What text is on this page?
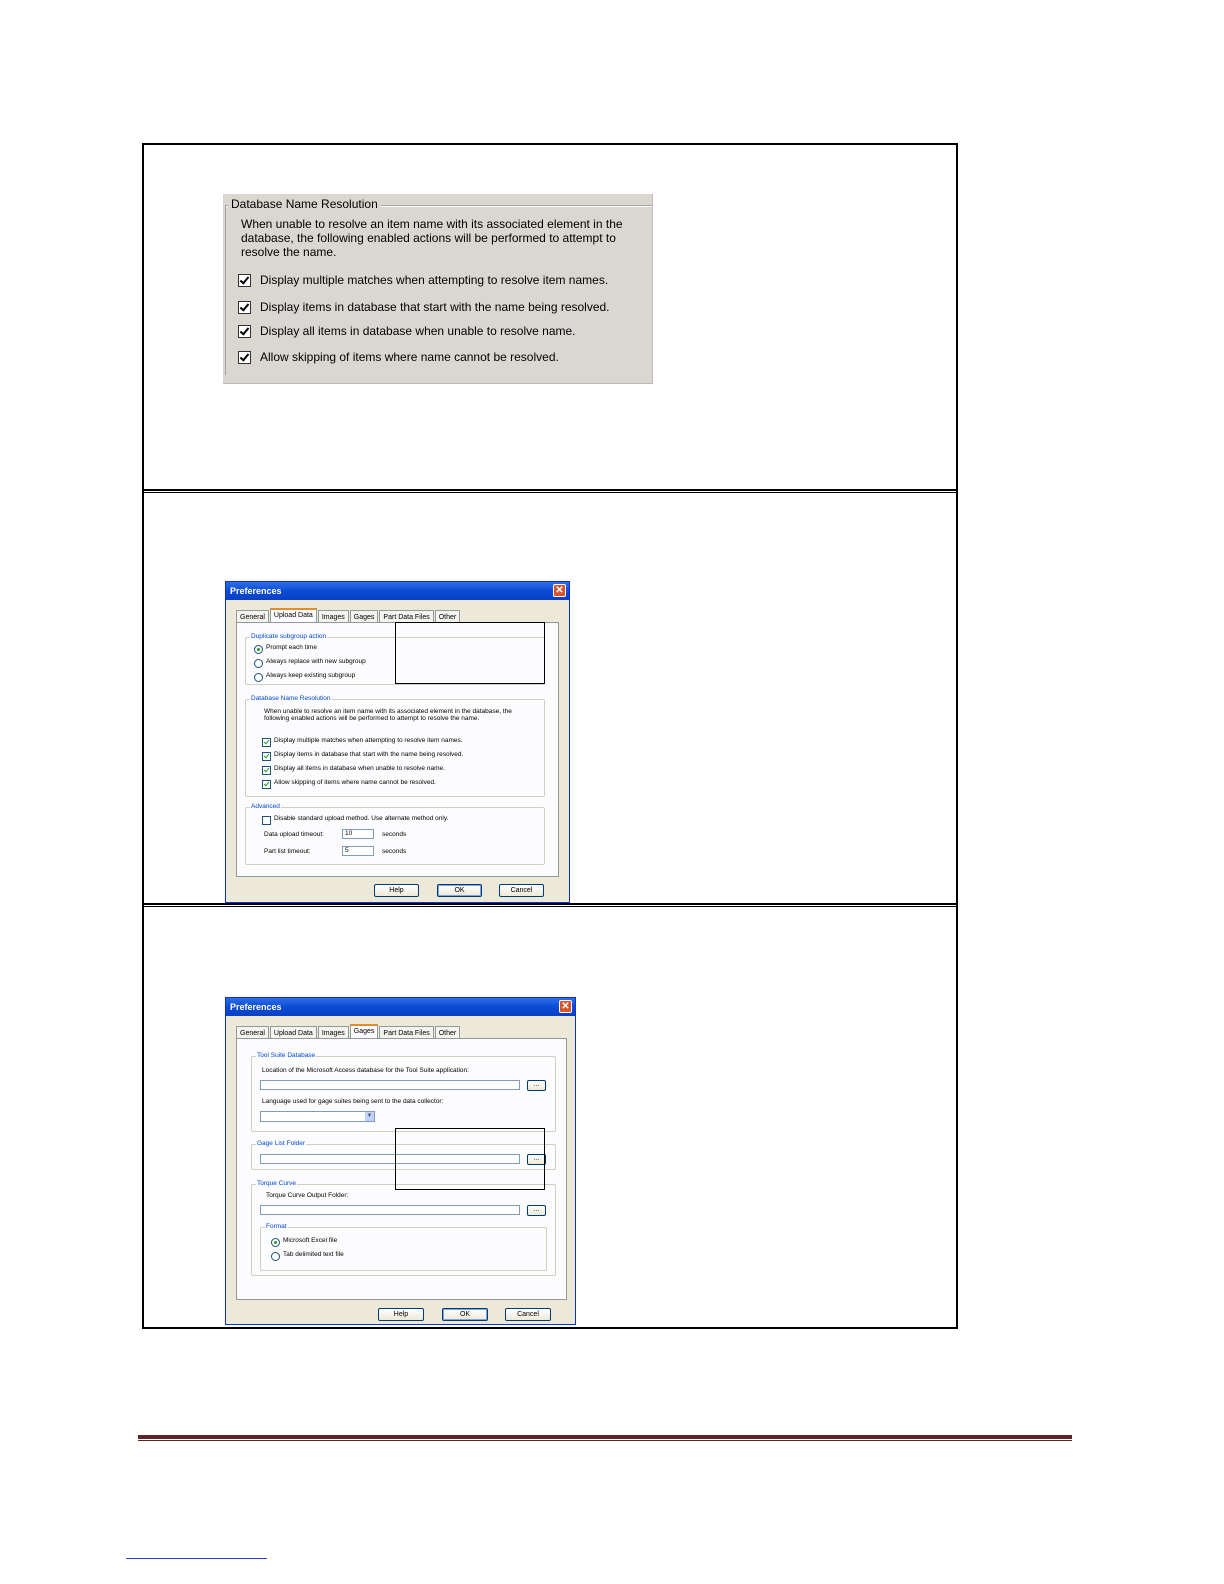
Database Name Resolution
When unable to resolve an item name with its associated element in the database, the following enabled actions will be performed to attempt to resolve the name.
Display multiple matches when attempting to resolve item names.
Display items in database that start with the name being resolved.
Display all items in database when unable to resolve name.
Allow skipping of items where name cannot be resolved.
Preferences	✕
General	Upload Data	Images	Gages	Part Data Files	Other
Duplicate subgroup action
Prompt each time
Always replace with new subgroup
Always keep existing subgroup
Database Name Resolution
When unable to resolve an item name with its associated element in the database, the following enabled actions will be performed to attempt to resolve the name.
Display multiple matches when attempting to resolve item names.
Display items in database that start with the name being resolved.
Display all items in database when unable to resolve name.
Allow skipping of items where name cannot be resolved.
Advanced
Disable standard upload method. Use alternate method only.
Data upload timeout:	10	seconds
Part list timeout:	5	seconds
Help	OK	Cancel
Preferences	✕
General	Upload Data	Images	Gages	Part Data Files	Other
Tool Suite Database
Location of the Microsoft Access database for the Tool Suite application:
...
Language used for gage suites being sent to the data collector:
▼
Gage List Folder
...
Torque Curve
Torque Curve Output Folder:
...
Format
Microsoft Excel file
Tab delimited text file
Help	OK	Cancel
